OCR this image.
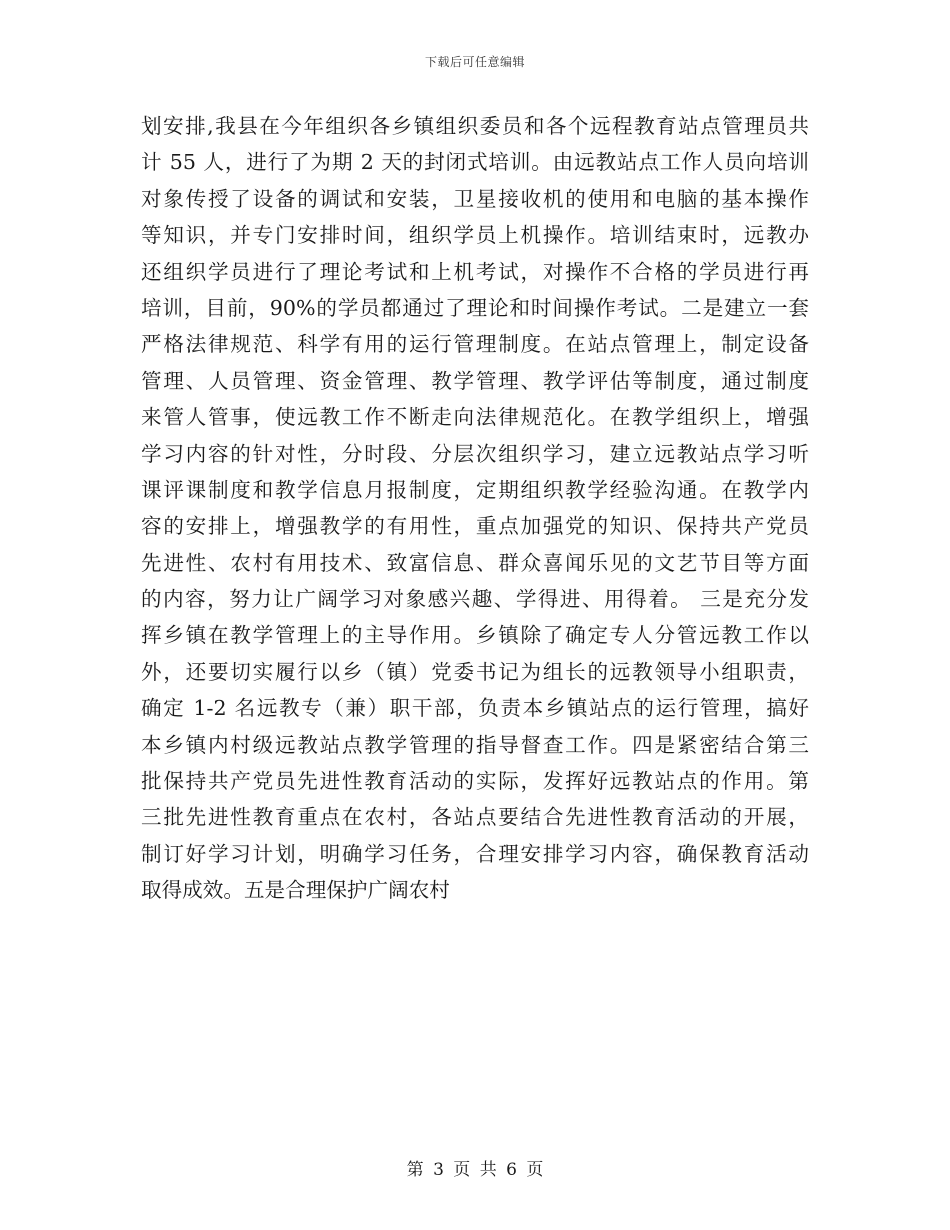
下载后可任意编辑
划安排,我县在今年组织各乡镇组织委员和各个远程教育站点管理员共
计 55 人，进行了为期 2 天的封闭式培训。由远教站点工作人员向培训
对象传授了设备的调试和安装，卫星接收机的使用和电脑的基本操作
等知识，并专门安排时间，组织学员上机操作。培训结束时，远教办
还组织学员进行了理论考试和上机考试，对操作不合格的学员进行再
培训，目前，90%的学员都通过了理论和时间操作考试。二是建立一套
严格法律规范、科学有用的运行管理制度。在站点管理上，制定设备
管理、人员管理、资金管理、教学管理、教学评估等制度，通过制度
来管人管事，使远教工作不断走向法律规范化。在教学组织上，增强
学习内容的针对性，分时段、分层次组织学习，建立远教站点学习听
课评课制度和教学信息月报制度，定期组织教学经验沟通。在教学内
容的安排上，增强教学的有用性，重点加强党的知识、保持共产党员
先进性、农村有用技术、致富信息、群众喜闻乐见的文艺节目等方面
的内容，努力让广阔学习对象感兴趣、学得进、用得着。 三是充分发
挥乡镇在教学管理上的主导作用。乡镇除了确定专人分管远教工作以
外，还要切实履行以乡（镇）党委书记为组长的远教领导小组职责，
确定 1-2 名远教专（兼）职干部，负责本乡镇站点的运行管理，搞好
本乡镇内村级远教站点教学管理的指导督查工作。四是紧密结合第三
批保持共产党员先进性教育活动的实际，发挥好远教站点的作用。第
三批先进性教育重点在农村，各站点要结合先进性教育活动的开展，
制订好学习计划，明确学习任务，合理安排学习内容，确保教育活动
取得成效。五是合理保护广阔农村
第 3 页 共 6 页
